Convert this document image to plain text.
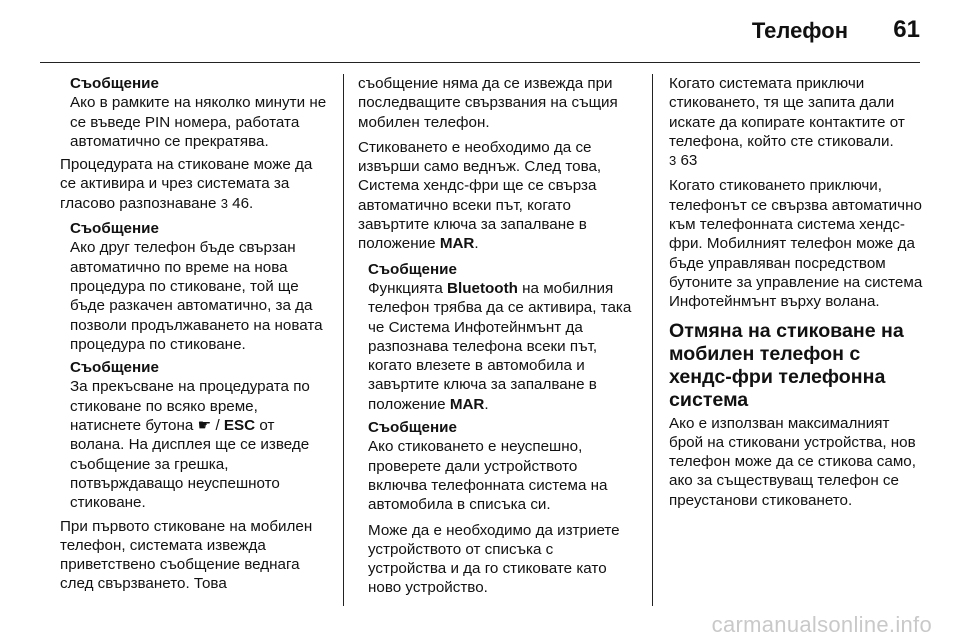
Телефон 61
Съобщение
Ако в рамките на няколко минути не се въведе PIN номера, работата автоматично се прекратява.

Процедурата на стиковане може да се активира и чрез системата за гласово разпознаване 3 46.

Съобщение
Ако друг телефон бъде свързан автоматично по време на нова процедура по стиковане, той ще бъде разкачен автоматично, за да позволи продължаването на новата процедура по стиковане.
Съобщение
За прекъсване на процедурата по стиковане по всяко време, натиснете бутона ☛ / ESC от волана. На дисплея ще се изведе съобщение за грешка, потвърждаващо неуспешното стиковане.

При първото стиковане на мобилен телефон, системата извежда приветствено съобщение веднага след свързването. Това

съобщение няма да се извежда при последващите свързвания на същия мобилен телефон.

Стиковането е необходимо да се извърши само веднъж. След това, Система хендс-фри ще се свърза автоматично всеки път, когато завъртите ключа за запалване в положение MAR.

Съобщение
Функцията Bluetooth на мобилния телефон трябва да се активира, така че Система Инфотейнмънт да разпознава телефона всеки път, когато влезете в автомобила и завъртите ключа за запалване в положение MAR.
Съобщение
Ако стиковането е неуспешно, проверете дали устройството включва телефонната система на автомобила в списъка си.
Може да е необходимо да изтриете устройството от списъка с устройства и да го стиковате като ново устройство.

Когато системата приключи стиковането, тя ще запита дали искате да копирате контактите от телефона, който сте стиковали.
3 63

Когато стиковането приключи, телефонът се свързва автоматично към телефонната система хендс-фри. Мобилният телефон може да бъде управляван посредством бутоните за управление на система Инфотейнмънт върху волана.

Отмяна на стиковане на мобилен телефон с хендс-фри телефонна система

Ако е използван максималният брой на стиковани устройства, нов телефон може да се стикова само, ако за съществуващ телефон се преустанови стиковането.

carmanualsonline.info
